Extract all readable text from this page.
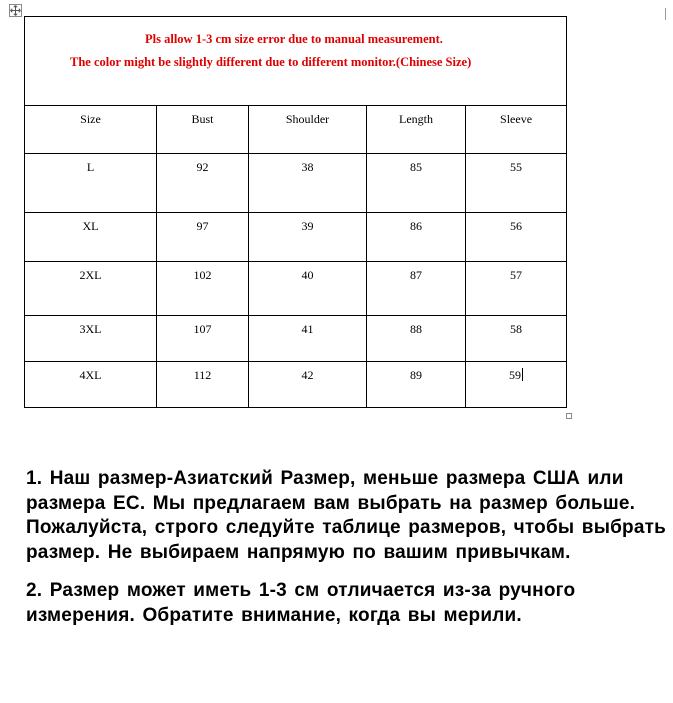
Pls allow 1-3 cm size error due to manual measurement.
The color might be slightly different due to different monitor.(Chinese Size)				

Size	Bust	Shoulder	Length	Sleeve

L	92	38	85	55

XL	97	39	86	56

2XL	102	40	87	57

3XL	107	41	88	58

4XL	112	42	89	59

1. Наш размер-Азиатский Размер, меньше размера США или размера ЕС. Мы предлагаем вам выбрать на размер больше. Пожалуйста, строго следуйте таблице размеров, чтобы выбрать размер. Не выбираем напрямую по вашим привычкам.

2. Размер может иметь 1-3 см отличается из-за ручного измерения. Обратите внимание, когда вы мерили.
